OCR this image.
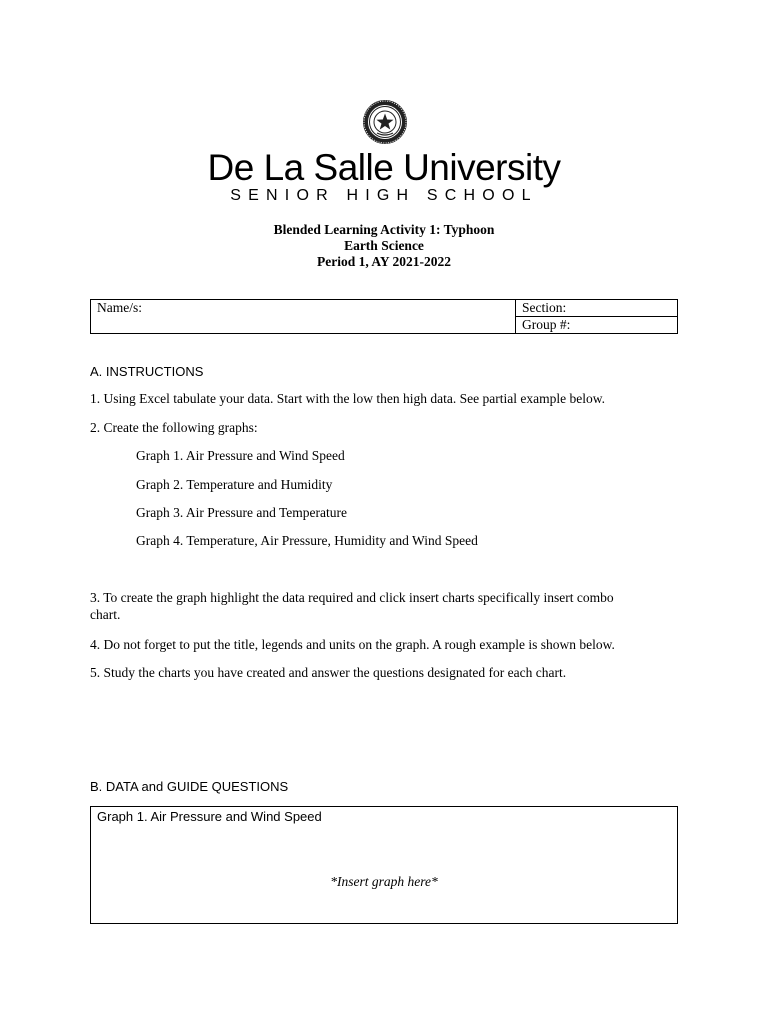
De La Salle University
SENIOR HIGH SCHOOL
Blended Learning Activity 1: Typhoon
Earth Science
Period 1, AY 2021-2022
Name/s:	Section:
Group #:
A. INSTRUCTIONS
1. Using Excel tabulate your data. Start with the low then high data. See partial example below.
2. Create the following graphs:
Graph 1. Air Pressure and Wind Speed
Graph 2. Temperature and Humidity
Graph 3. Air Pressure and Temperature
Graph 4. Temperature, Air Pressure, Humidity and Wind Speed
3. To create the graph highlight the data required and click insert charts specifically insert combo
chart.
4. Do not forget to put the title, legends and units on the graph. A rough example is shown below.
5. Study the charts you have created and answer the questions designated for each chart.
B. DATA and GUIDE QUESTIONS
Graph 1. Air Pressure and Wind Speed
*Insert graph here*
